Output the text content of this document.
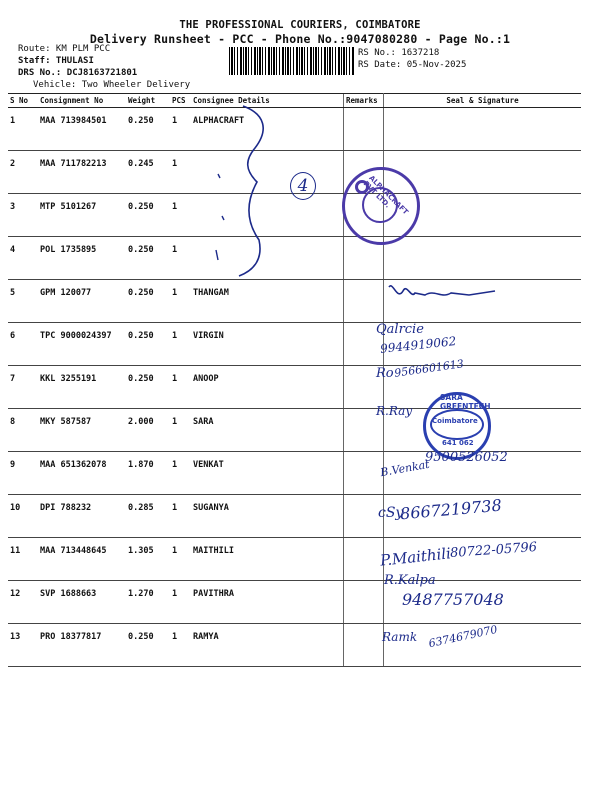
THE PROFESSIONAL COURIERS, COIMBATORE
Delivery Runsheet - PCC - Phone No.:9047080280 - Page No.:1
Route: KM PLM PCC
Staff: THULASI
DRS No.: DCJ8163721801
Vehicle: Two Wheeler Delivery
RS No.: 1637218
RS Date: 05-Nov-2025
S No	Consignment No	Weight	PCS	Consignee Details	Remarks	Seal & Signature
1	MAA 713984501	0.250	1	ALPHACRAFT		
2	MAA 711782213	0.245	1			
3	MTP 5101267	0.250	1			
4	POL 1735895	0.250	1			
5	GPM 120077	0.250	1	THANGAM		
6	TPC 9000024397	0.250	1	VIRGIN		
7	KKL 3255191	0.250	1	ANOOP		
8	MKY 587587	2.000	1	SARA		
9	MAA 651362078	1.870	1	VENKAT		
10	DPI 788232	0.285	1	SUGANYA		
11	MAA 713448645	1.305	1	MAITHILI		
12	SVP 1688663	1.270	1	PAVITHRA		
13	PRO 18377817	0.250	1	RAMYA		
4	ALPHACRAFT PVT LTD.
Qalrcie
9944919062
Ro 9566601613
R.Ray
SARA GREENTECH
Coimbatore
641 062
B.Venkat
9500526052
cSy
8667219738
P.Maithili
80722-05796
R.Kalpa
9487757048
Ramk 6374679070
